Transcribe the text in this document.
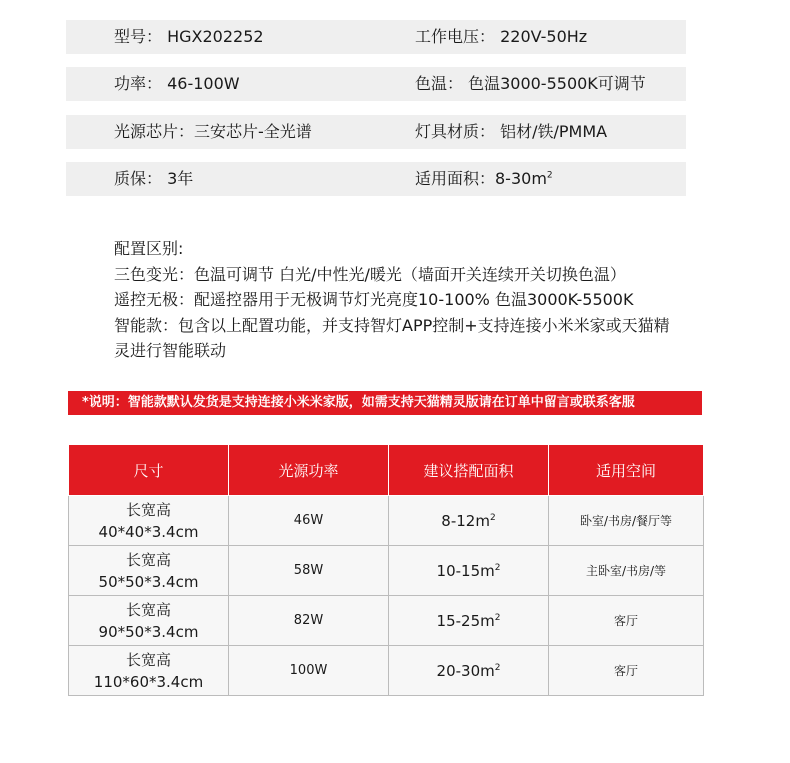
型号： HGX202252	工作电压： 220V-50Hz
功率： 46-100W	色温： 色温3000-5500K可调节
光源芯片：三安芯片-全光谱	灯具材质： 铝材/铁/PMMA
质保： 3年	适用面积：$8-30m^2$
配置区别:
三色变光：色温可调节 白光/中性光/暖光（墙面开关连续开关切换色温）
遥控无极：配遥控器用于无极调节灯光亮度10-100% 色温3000K-5500K
智能款：包含以上配置功能，并支持智灯APP控制+支持连接小米米家或天猫精灵进行智能联动
*说明：智能款默认发货是支持连接小米米家版，如需支持天猫精灵版请在订单中留言或联系客服
尺寸	光源功率	建议搭配面积	适用空间

长宽高
40*40*3.4cm	46W	$8-12m^2$	卧室/书房/餐厅等

长宽高
50*50*3.4cm	58W	$10-15m^2$	主卧室/书房/等

长宽高
90*50*3.4cm	82W	$15-25m^2$	客厅

长宽高
110*60*3.4cm	100W	$20-30m^2$	客厅
